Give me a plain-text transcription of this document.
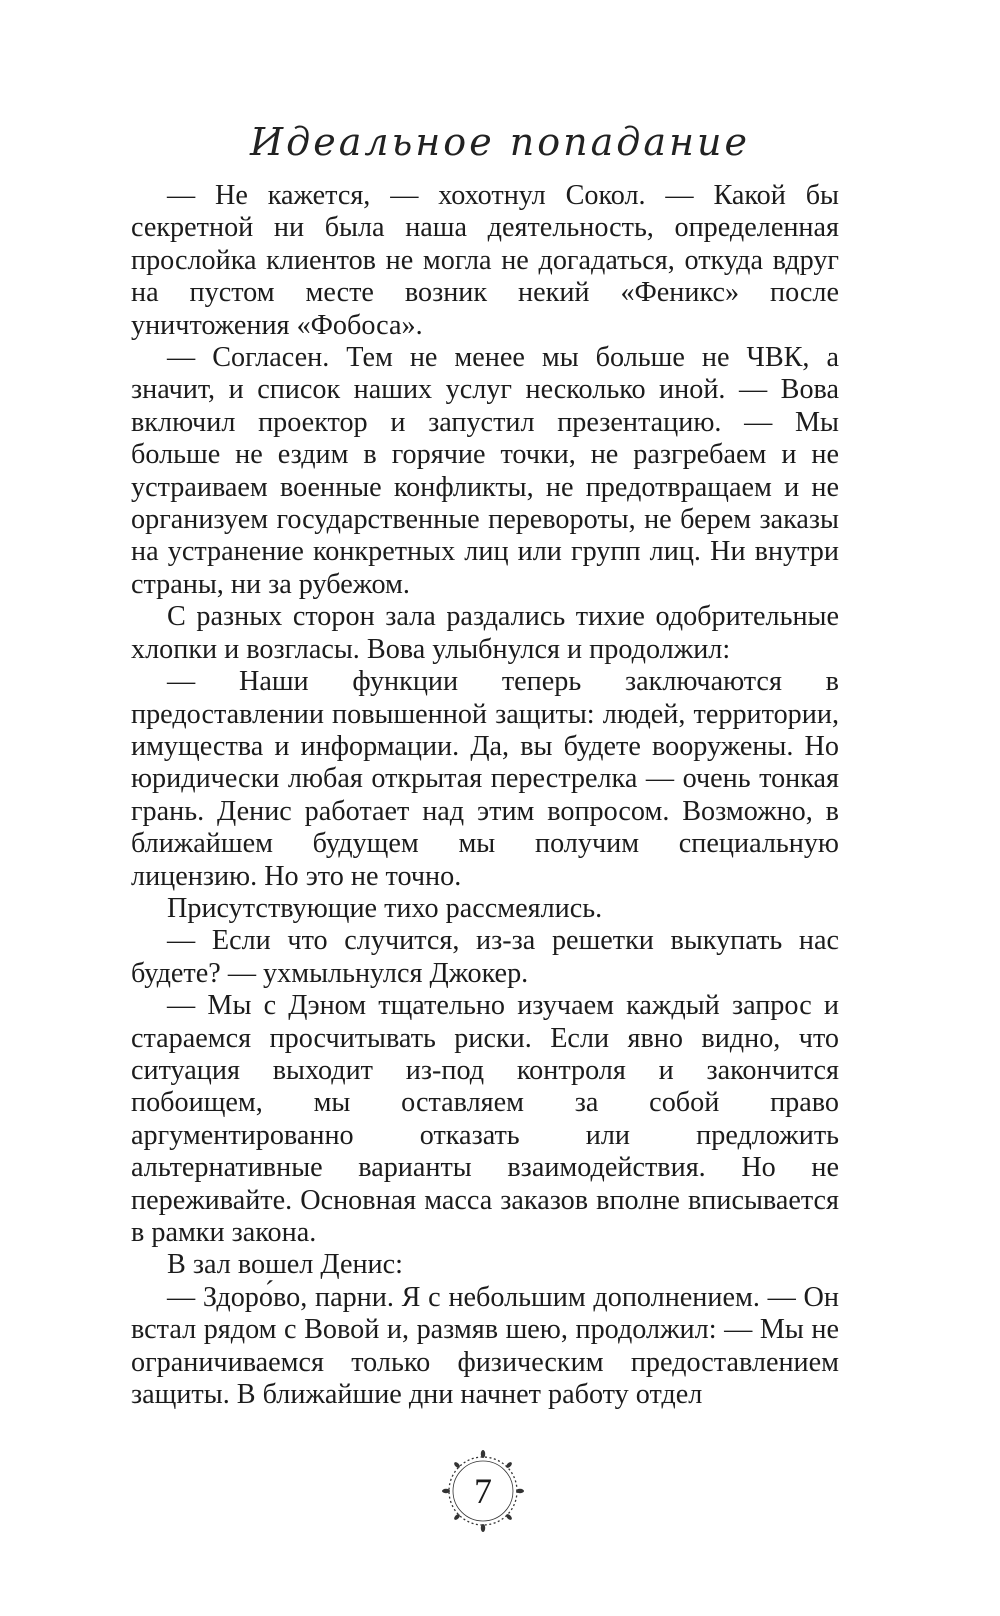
Идеальное попадание

— Не кажется, — хохотнул Сокол. — Какой бы секретной ни была наша деятельность, определенная прослойка клиентов не могла не догадаться, откуда вдруг на пустом месте возник некий «Феникс» после уничтожения «Фобоса».

— Согласен. Тем не менее мы больше не ЧВК, а значит, и список наших услуг несколько иной. — Вова включил проектор и запустил презентацию. — Мы больше не ездим в горячие точки, не разгребаем и не устраиваем военные конфликты, не предотвращаем и не организуем государственные перевороты, не берем заказы на устранение конкретных лиц или групп лиц. Ни внутри страны, ни за рубежом.

С разных сторон зала раздались тихие одобрительные хлопки и возгласы. Вова улыбнулся и продолжил:

— Наши функции теперь заключаются в предоставлении повышенной защиты: людей, территории, имущества и информации. Да, вы будете вооружены. Но юридически любая открытая перестрелка — очень тонкая грань. Денис работает над этим вопросом. Возможно, в ближайшем будущем мы получим специальную лицензию. Но это не точно.

Присутствующие тихо рассмеялись.

— Если что случится, из-за решетки выкупать нас будете? — ухмыльнулся Джокер.

— Мы с Дэном тщательно изучаем каждый запрос и стараемся просчитывать риски. Если явно видно, что ситуация выходит из-под контроля и закончится побоищем, мы оставляем за собой право аргументированно отказать или предложить альтернативные варианты взаимодействия. Но не переживайте. Основная масса заказов вполне вписывается в рамки закона.

В зал вошел Денис:

— Здоро́во, парни. Я с небольшим дополнением. — Он встал рядом с Вовой и, размяв шею, продолжил: — Мы не ограничиваемся только физическим предоставлением защиты. В ближайшие дни начнет работу отдел

7
